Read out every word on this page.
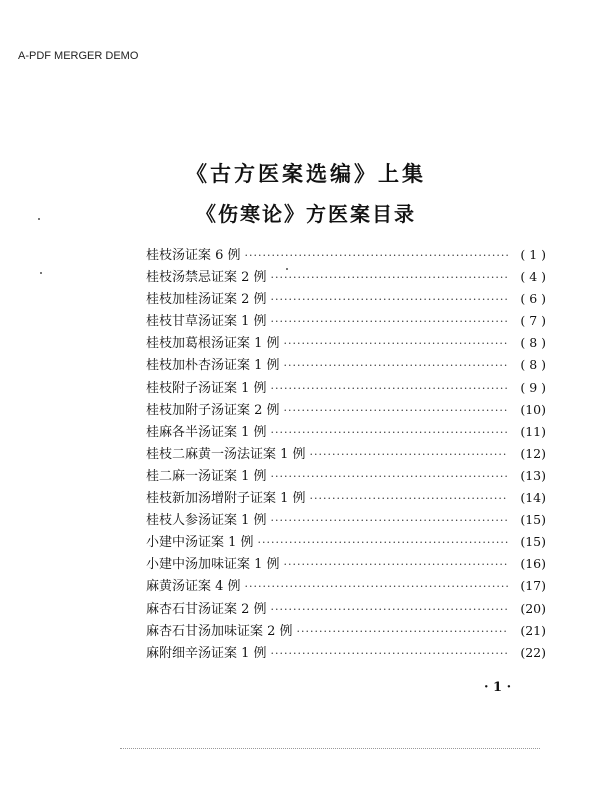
A-PDF MERGER DEMO
《古方医案选编》上集
《伤寒论》方医案目录
桂枝汤证案 6 例 ·····	( 1 )
桂枝汤禁忌证案 2 例 ·····	( 4 )
桂枝加桂汤证案 2 例 ·····	( 6 )
桂枝甘草汤证案 1 例 ·····	( 7 )
桂枝加葛根汤证案 1 例 ·····	( 8 )
桂枝加朴杏汤证案 1 例 ·····	( 8 )
桂枝附子汤证案 1 例 ·····	( 9 )
桂枝加附子汤证案 2 例 ·····	(10)
桂麻各半汤证案 1 例 ·····	(11)
桂枝二麻黄一汤法证案 1 例 ·····	(12)
桂二麻一汤证案 1 例 ·····	(13)
桂枝新加汤增附子证案 1 例 ·····	(14)
桂枝人参汤证案 1 例 ·····	(15)
小建中汤证案 1 例 ·····	(15)
小建中汤加味证案 1 例 ·····	(16)
麻黄汤证案 4 例 ·····	(17)
麻杏石甘汤证案 2 例 ·····	(20)
麻杏石甘汤加味证案 2 例 ·····	(21)
麻附细辛汤证案 1 例 ·····	(22)
· 1 ·
